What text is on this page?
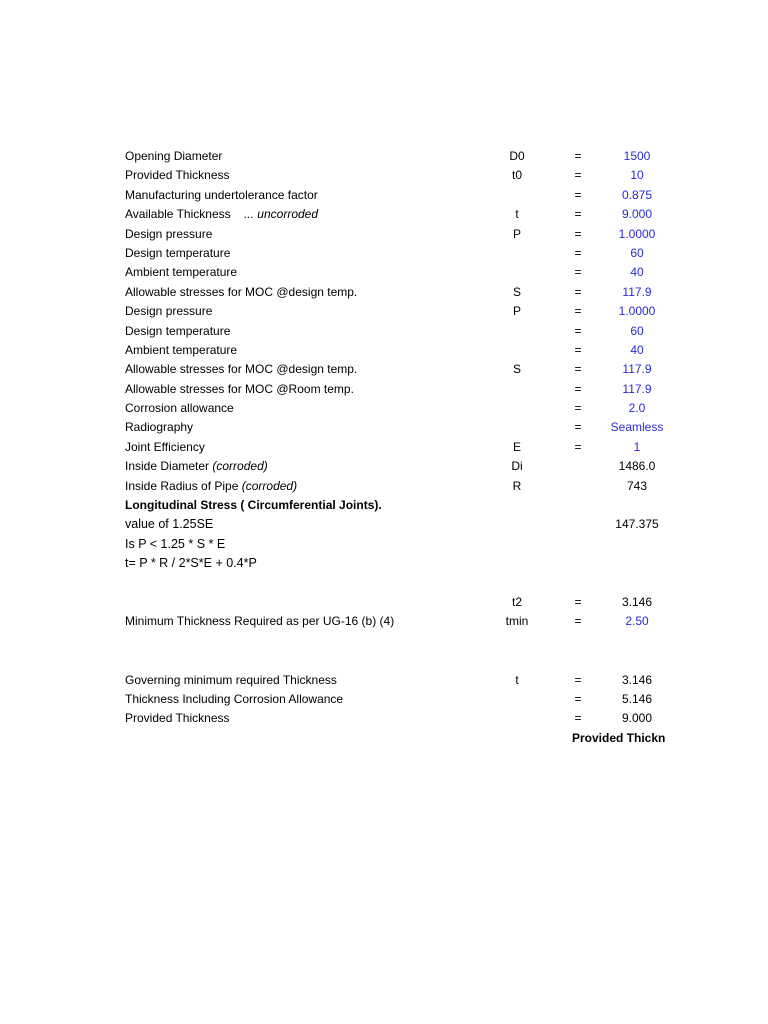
Opening Diameter	D0	=	1500
Provided Thickness	t0	=	10
Manufacturing undertolerance factor	=	0.875
Available Thickness ... uncorroded	t	=	9.000
Design pressure	P	=	1.0000
Design temperature	=	60
Ambient temperature	=	40
Allowable stresses for MOC @design temp.	S	=	117.9
Design pressure	P	=	1.0000
Design temperature	=	60
Ambient temperature	=	40
Allowable stresses for MOC @design temp.	S	=	117.9
Allowable stresses for MOC @Room temp.	=	117.9
Corrosion allowance	=	2.0
Radiography	=	Seamless
Joint Efficiency	E	=	1
Inside Diameter (corroded)	Di	1486.0
Inside Radius of Pipe (corroded)	R	743
Longitudinal Stress ( Circumferential Joints).
value of 1.25SE	147.375
Is P < 1.25 * S * E
t= P * R / 2*S*E + 0.4*P
t2	=	3.146
Minimum Thickness Required as per UG-16 (b) (4)	tmin	=	2.50
Governing minimum required Thickness	t	=	3.146
Thickness Including Corrosion Allowance	=	5.146
Provided Thickness	=	9.000
Provided Thickn
